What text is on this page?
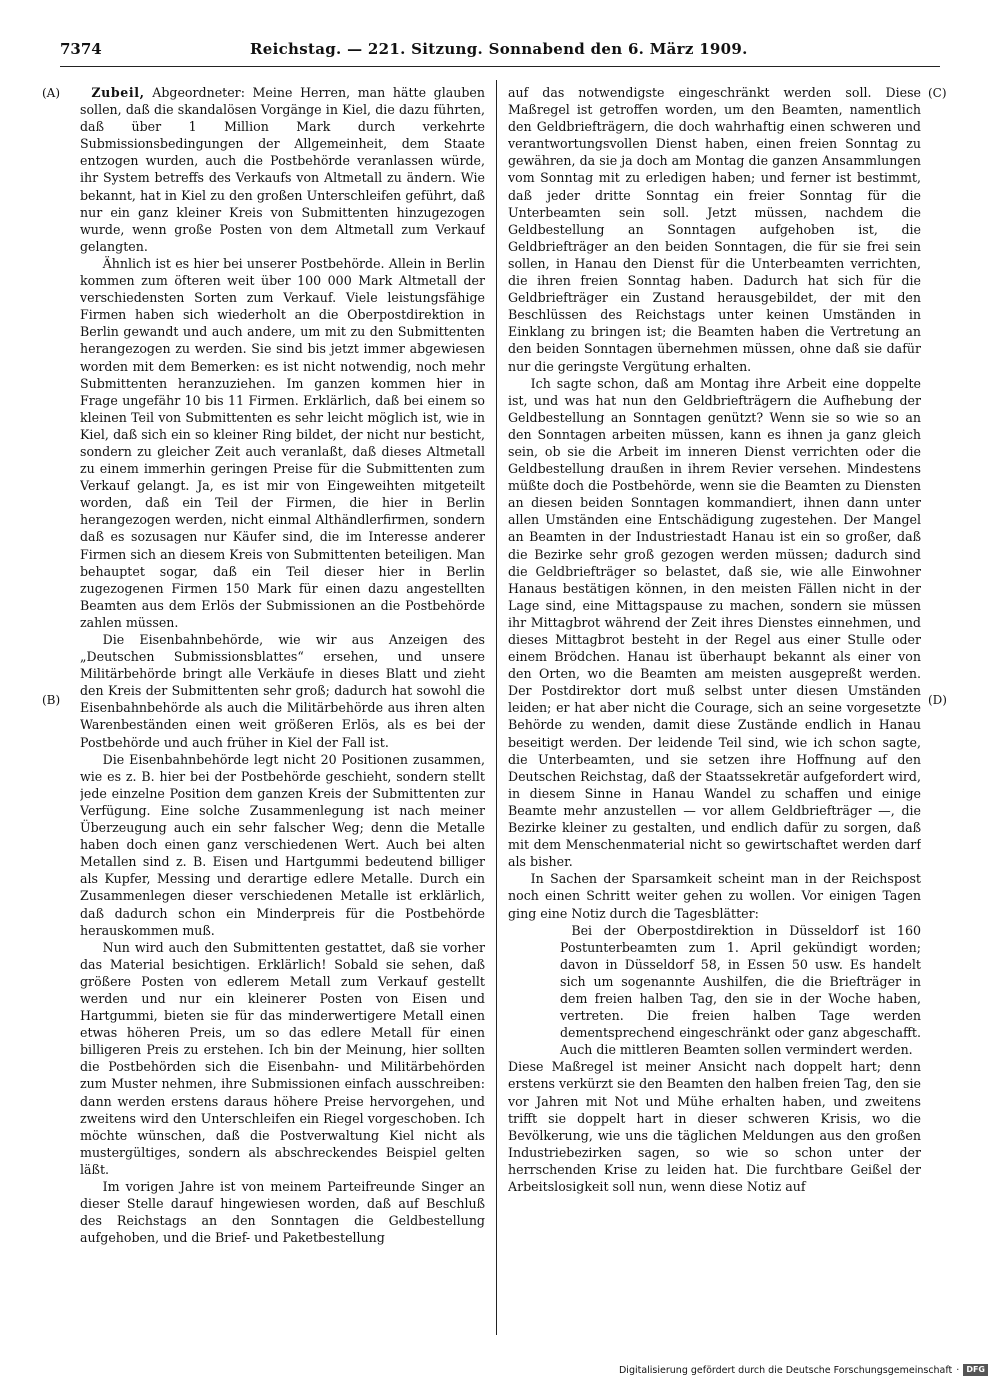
7374	Reichstag. — 221. Sitzung. Sonnabend den 6. März 1909.
(A)
(B)
(C)
(D)

Zubeil, Abgeordneter: Meine Herren, man hätte glauben sollen, daß die skandalösen Vorgänge in Kiel, die dazu führten, daß über 1 Million Mark durch verkehrte Submissionsbedingungen der Allgemeinheit, dem Staate entzogen wurden, auch die Postbehörde veranlassen würde, ihr System betreffs des Verkaufs von Altmetall zu ändern. Wie bekannt, hat in Kiel zu den großen Unterschleifen geführt, daß nur ein ganz kleiner Kreis von Submittenten hinzugezogen wurde, wenn große Posten von dem Altmetall zum Verkauf gelangten.

Ähnlich ist es hier bei unserer Postbehörde. Allein in Berlin kommen zum öfteren weit über 100 000 Mark Altmetall der verschiedensten Sorten zum Verkauf. Viele leistungsfähige Firmen haben sich wiederholt an die Oberpostdirektion in Berlin gewandt und auch andere, um mit zu den Submittenten herangezogen zu werden. Sie sind bis jetzt immer abgewiesen worden mit dem Bemerken: es ist nicht notwendig, noch mehr Submittenten heranzuziehen. Im ganzen kommen hier in Frage ungefähr 10 bis 11 Firmen. Erklärlich, daß bei einem so kleinen Teil von Submittenten es sehr leicht möglich ist, wie in Kiel, daß sich ein so kleiner Ring bildet, der nicht nur besticht, sondern zu gleicher Zeit auch veranlaßt, daß dieses Altmetall zu einem immerhin geringen Preise für die Submittenten zum Verkauf gelangt. Ja, es ist mir von Eingeweihten mitgeteilt worden, daß ein Teil der Firmen, die hier in Berlin herangezogen werden, nicht einmal Althändlerfirmen, sondern daß es sozusagen nur Käufer sind, die im Interesse anderer Firmen sich an diesem Kreis von Submittenten beteiligen. Man behauptet sogar, daß ein Teil dieser hier in Berlin zugezogenen Firmen 150 Mark für einen dazu angestellten Beamten aus dem Erlös der Submissionen an die Postbehörde zahlen müssen.

Die Eisenbahnbehörde, wie wir aus Anzeigen des „Deutschen Submissionsblattes“ ersehen, und unsere Militärbehörde bringt alle Verkäufe in dieses Blatt und zieht den Kreis der Submittenten sehr groß; dadurch hat sowohl die Eisenbahnbehörde als auch die Militärbehörde aus ihren alten Warenbeständen einen weit größeren Erlös, als es bei der Postbehörde und auch früher in Kiel der Fall ist.

Die Eisenbahnbehörde legt nicht 20 Positionen zusammen, wie es z. B. hier bei der Postbehörde geschieht, sondern stellt jede einzelne Position dem ganzen Kreis der Submittenten zur Verfügung. Eine solche Zusammenlegung ist nach meiner Überzeugung auch ein sehr falscher Weg; denn die Metalle haben doch einen ganz verschiedenen Wert. Auch bei alten Metallen sind z. B. Eisen und Hartgummi bedeutend billiger als Kupfer, Messing und derartige edlere Metalle. Durch ein Zusammenlegen dieser verschiedenen Metalle ist erklärlich, daß dadurch schon ein Minderpreis für die Postbehörde herauskommen muß.

Nun wird auch den Submittenten gestattet, daß sie vorher das Material besichtigen. Erklärlich! Sobald sie sehen, daß größere Posten von edlerem Metall zum Verkauf gestellt werden und nur ein kleinerer Posten von Eisen und Hartgummi, bieten sie für das minderwertigere Metall einen etwas höheren Preis, um so das edlere Metall für einen billigeren Preis zu erstehen. Ich bin der Meinung, hier sollten die Postbehörden sich die Eisenbahn- und Militärbehörden zum Muster nehmen, ihre Submissionen einfach ausschreiben: dann werden erstens daraus höhere Preise hervorgehen, und zweitens wird den Unterschleifen ein Riegel vorgeschoben. Ich möchte wünschen, daß die Postverwaltung Kiel nicht als mustergültiges, sondern als abschreckendes Beispiel gelten läßt.

Im vorigen Jahre ist von meinem Parteifreunde Singer an dieser Stelle darauf hingewiesen worden, daß auf Beschluß des Reichstags an den Sonntagen die Geldbestellung aufgehoben, und die Brief- und Paketbestellung

auf das notwendigste eingeschränkt werden soll. Diese Maßregel ist getroffen worden, um den Beamten, namentlich den Geldbriefträgern, die doch wahrhaftig einen schweren und verantwortungsvollen Dienst haben, einen freien Sonntag zu gewähren, da sie ja doch am Montag die ganzen Ansammlungen vom Sonntag mit zu erledigen haben; und ferner ist bestimmt, daß jeder dritte Sonntag ein freier Sonntag für die Unterbeamten sein soll. Jetzt müssen, nachdem die Geldbestellung an Sonntagen aufgehoben ist, die Geldbriefträger an den beiden Sonntagen, die für sie frei sein sollen, in Hanau den Dienst für die Unterbeamten verrichten, die ihren freien Sonntag haben. Dadurch hat sich für die Geldbriefträger ein Zustand herausgebildet, der mit den Beschlüssen des Reichstags unter keinen Umständen in Einklang zu bringen ist; die Beamten haben die Vertretung an den beiden Sonntagen übernehmen müssen, ohne daß sie dafür nur die geringste Vergütung erhalten.

Ich sagte schon, daß am Montag ihre Arbeit eine doppelte ist, und was hat nun den Geldbriefträgern die Aufhebung der Geldbestellung an Sonntagen genützt? Wenn sie so wie so an den Sonntagen arbeiten müssen, kann es ihnen ja ganz gleich sein, ob sie die Arbeit im inneren Dienst verrichten oder die Geldbestellung draußen in ihrem Revier versehen. Mindestens müßte doch die Postbehörde, wenn sie die Beamten zu Diensten an diesen beiden Sonntagen kommandiert, ihnen dann unter allen Umständen eine Entschädigung zugestehen. Der Mangel an Beamten in der Industriestadt Hanau ist ein so großer, daß die Bezirke sehr groß gezogen werden müssen; dadurch sind die Geldbriefträger so belastet, daß sie, wie alle Einwohner Hanaus bestätigen können, in den meisten Fällen nicht in der Lage sind, eine Mittagspause zu machen, sondern sie müssen ihr Mittagbrot während der Zeit ihres Dienstes einnehmen, und dieses Mittagbrot besteht in der Regel aus einer Stulle oder einem Brödchen. Hanau ist überhaupt bekannt als einer von den Orten, wo die Beamten am meisten ausgepreßt werden. Der Postdirektor dort muß selbst unter diesen Umständen leiden; er hat aber nicht die Courage, sich an seine vorgesetzte Behörde zu wenden, damit diese Zustände endlich in Hanau beseitigt werden. Der leidende Teil sind, wie ich schon sagte, die Unterbeamten, und sie setzen ihre Hoffnung auf den Deutschen Reichstag, daß der Staatssekretär aufgefordert wird, in diesem Sinne in Hanau Wandel zu schaffen und einige Beamte mehr anzustellen — vor allem Geldbriefträger —, die Bezirke kleiner zu gestalten, und endlich dafür zu sorgen, daß mit dem Menschenmaterial nicht so gewirtschaftet werden darf als bisher.

In Sachen der Sparsamkeit scheint man in der Reichspost noch einen Schritt weiter gehen zu wollen. Vor einigen Tagen ging eine Notiz durch die Tagesblätter:

Bei der Oberpostdirektion in Düsseldorf ist 160 Postunterbeamten zum 1. April gekündigt worden; davon in Düsseldorf 58, in Essen 50 usw. Es handelt sich um sogenannte Aushilfen, die die Briefträger in dem freien halben Tag, den sie in der Woche haben, vertreten. Die freien halben Tage werden dementsprechend eingeschränkt oder ganz abgeschafft. Auch die mittleren Beamten sollen vermindert werden.

Diese Maßregel ist meiner Ansicht nach doppelt hart; denn erstens verkürzt sie den Beamten den halben freien Tag, den sie vor Jahren mit Not und Mühe erhalten haben, und zweitens trifft sie doppelt hart in dieser schweren Krisis, wo die Bevölkerung, wie uns die täglichen Meldungen aus den großen Industriebezirken sagen, so wie so schon unter der herrschenden Krise zu leiden hat. Die furchtbare Geißel der Arbeitslosigkeit soll nun, wenn diese Notiz auf

Digitalisierung gefördert durch die Deutsche Forschungsgemeinschaft · DFG
